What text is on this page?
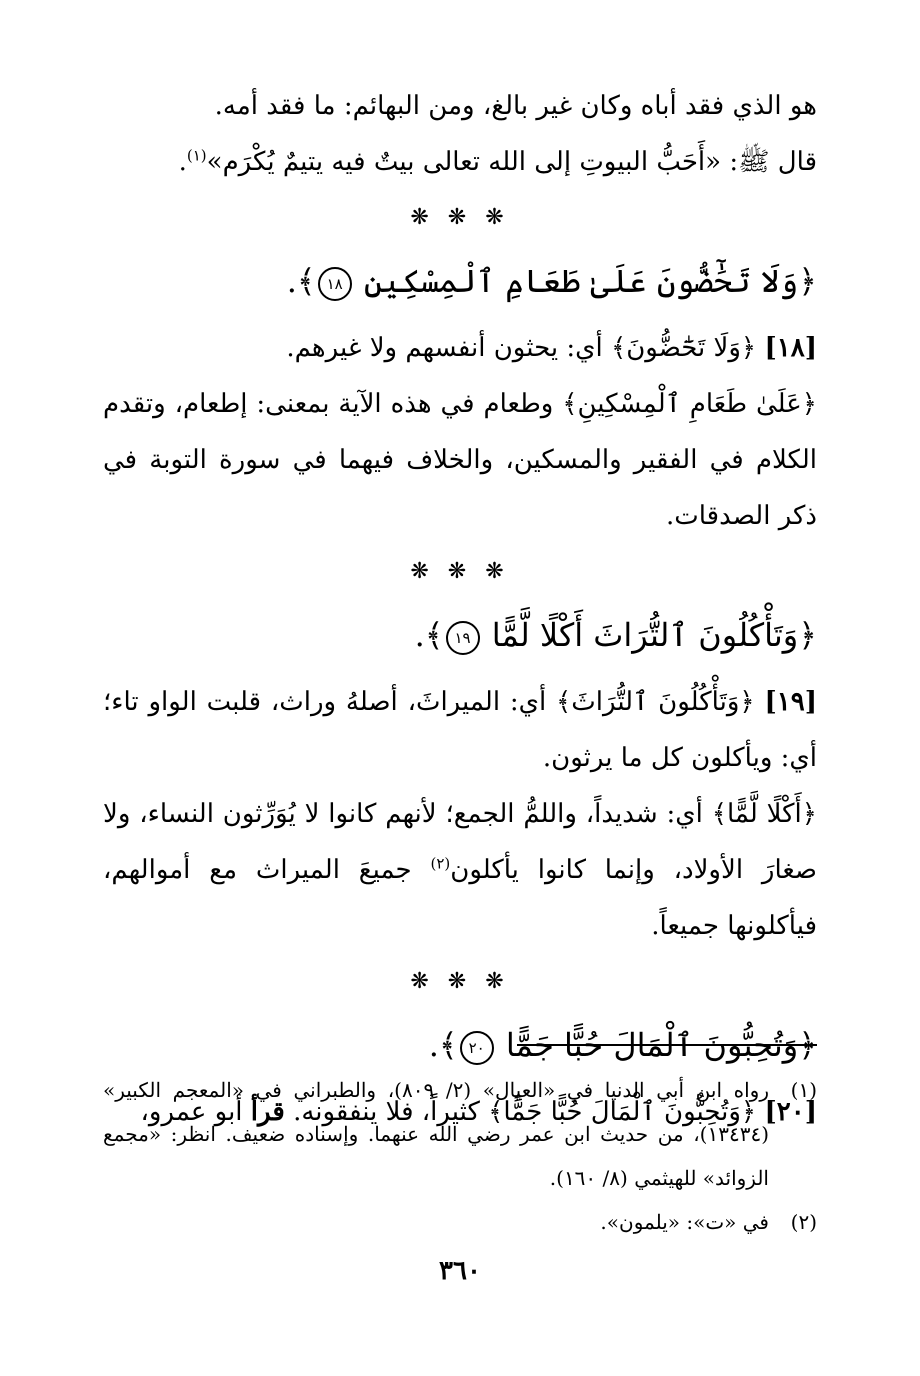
هو الذي فقد أباه وكان غير بالغ، ومن البهائم: ما فقد أمه.

قال ﷺ: «أَحَبُّ البيوتِ إلى الله تعالى بيتٌ فيه يتيمٌ يُكْرَم»$^{(١)}$.

❋ ❋ ❋

﴿وَلَا تَحَٰٓضُّونَ عَلَىٰ طَعَامِ ٱلْمِسْكِينِ ١٨﴾.

[١٨] ﴿وَلَا تَحَٰٓضُّونَ﴾ أي: يحثون أنفسهم ولا غيرهم.

﴿عَلَىٰ طَعَامِ ٱلْمِسْكِينِ﴾ وطعام في هذه الآية بمعنى: إطعام، وتقدم الكلام في الفقير والمسكين، والخلاف فيهما في سورة التوبة في ذكر الصدقات.

❋ ❋ ❋

﴿وَتَأْكُلُونَ ٱلتُّرَاثَ أَكْلًا لَّمًّا ١٩﴾.

[١٩] ﴿وَتَأْكُلُونَ ٱلتُّرَاثَ﴾ أي: الميراثَ، أصلهُ وراث، قلبت الواو تاء؛ أي: ويأكلون كل ما يرثون.

﴿أَكْلًا لَّمًّا﴾ أي: شديداً، واللمُّ الجمع؛ لأنهم كانوا لا يُوَرِّثون النساء، ولا صغارَ الأولاد، وإنما كانوا يأكلون$^{(٢)}$ جميعَ الميراث مع أموالهم، فيأكلونها جميعاً.

❋ ❋ ❋

﴿وَتُحِبُّونَ ٱلْمَالَ حُبًّا جَمًّا ٢٠﴾.

[٢٠] ﴿وَتُحِبُّونَ ٱلْمَالَ حُبًّا جَمًّا﴾ كثيراً، فلا ينفقونه. قرأ أبو عمرو،

(١)
رواه ابن أبي الدنيا في «العيال» (٢/ ٨٠٩)، والطبراني في «المعجم الكبير» (١٣٤٣٤)، من حديث ابن عمر رضي الله عنهما. وإسناده ضعيف. انظر: «مجمع الزوائد» للهيثمي (٨/ ١٦٠).

(٢)
في «ت»: «يلمون».

٣٦٠
